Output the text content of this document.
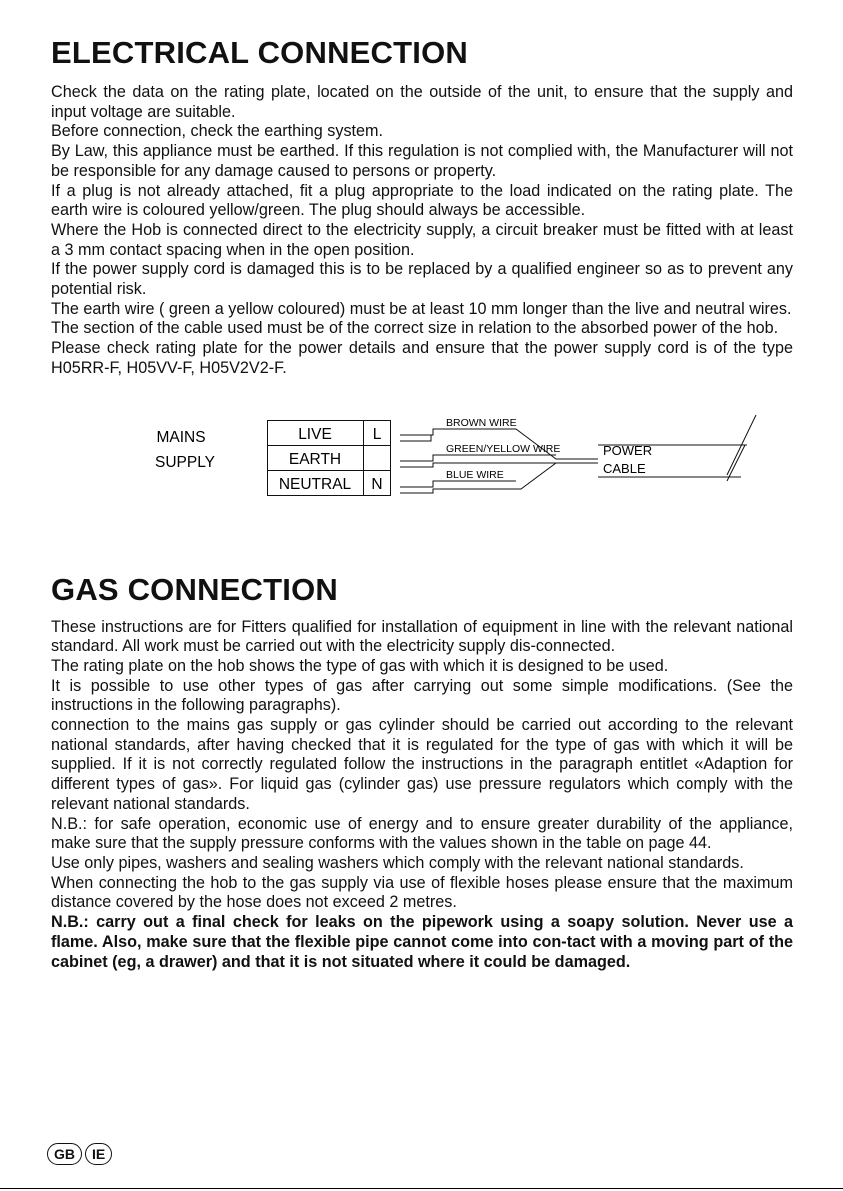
ELECTRICAL CONNECTION

Check the data on the rating plate, located on the outside of the unit, to ensure that the supply and input voltage are suitable.

Before connection, check the earthing system.

By Law, this appliance must be earthed. If this regulation is not complied with, the Manufacturer will not be responsible for any damage caused to persons or property.

If a plug is not already attached, fit a plug appropriate to the load indicated on the rating plate. The earth wire is coloured yellow/green. The plug should always be accessible.

Where the Hob is connected direct to the electricity supply, a circuit breaker must be fitted with at least a 3 mm contact spacing when in the open position.

If the power supply cord is damaged this is to be replaced by a qualified engineer so as to prevent any potential risk.

The earth wire ( green a yellow coloured) must be at least 10 mm longer than the live and neutral wires.

The section of the cable used must be of the correct size in relation to the absorbed power of the hob.

Please check rating plate for the power details and ensure that the power supply cord is of the type H05RR-F, H05VV-F, H05V2V2-F.

MAINS
SUPPLY
LIVE	L
EARTH
NEUTRAL N
BROWN WIRE
GREEN/YELLOW WIRE
BLUE WIRE
POWER
CABLE
GAS CONNECTION

These instructions are for Fitters qualified for installation of equipment in line with the relevant national standard. All work must be carried out with the electricity supply dis-connected.

The rating plate on the hob shows the type of gas with which it is designed to be used.

It is possible to use other types of gas after carrying out some simple modifications. (See the instructions in the following paragraphs).

connection to the mains gas supply or gas cylinder should be carried out according to the relevant national standards, after having checked that it is regulated for the type of gas with which it will be supplied. If it is not correctly regulated follow the instructions in the paragraph entitlet «Adaption for different types of gas». For liquid gas (cylinder gas) use pressure regulators which comply with the relevant national standards.

N.B.: for safe operation, economic use of energy and to ensure greater durability of the appliance, make sure that the supply pressure conforms with the values shown in the table on page 44.

Use only pipes, washers and sealing washers which comply with the relevant national standards.

When connecting the hob to the gas supply via use of flexible hoses please ensure that the maximum distance covered by the hose does not exceed 2 metres.

N.B.: carry out a final check for leaks on the pipework using a soapy solution. Never use a flame. Also, make sure that the flexible pipe cannot come into con-tact with a moving part of the cabinet (eg, a drawer) and that it is not situated where it could be damaged.

GB	IE
